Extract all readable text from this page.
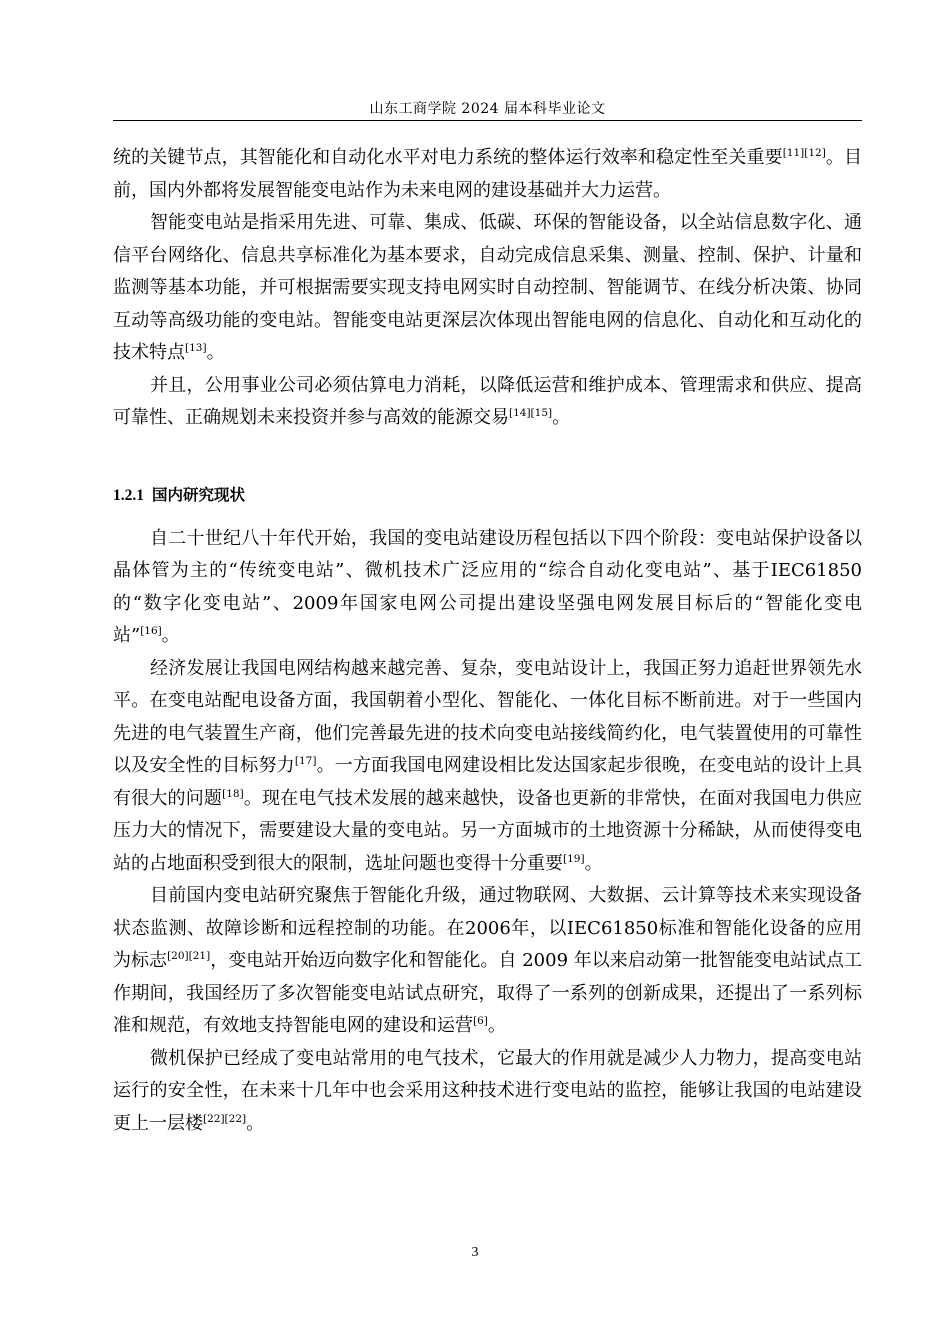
山东工商学院 2024 届本科毕业论文

统的关键节点，其智能化和自动化水平对电力系统的整体运行效率和稳定性至关重要[11][12]。目前，国内外都将发展智能变电站作为未来电网的建设基础并大力运营。

智能变电站是指采用先进、可靠、集成、低碳、环保的智能设备，以全站信息数字化、通信平台网络化、信息共享标准化为基本要求，自动完成信息采集、测量、控制、保护、计量和监测等基本功能，并可根据需要实现支持电网实时自动控制、智能调节、在线分析决策、协同互动等高级功能的变电站。智能变电站更深层次体现出智能电网的信息化、自动化和互动化的技术特点[13]。

并且，公用事业公司必须估算电力消耗，以降低运营和维护成本、管理需求和供应、提高可靠性、正确规划未来投资并参与高效的能源交易[14][15]。

1.2.1 国内研究现状

自二十世纪八十年代开始，我国的变电站建设历程包括以下四个阶段：变电站保护设备以晶体管为主的“传统变电站”、微机技术广泛应用的“综合自动化变电站”、基于IEC61850的“数字化变电站”、2009年国家电网公司提出建设坚强电网发展目标后的“智能化变电站”[16]。

经济发展让我国电网结构越来越完善、复杂，变电站设计上，我国正努力追赶世界领先水平。在变电站配电设备方面，我国朝着小型化、智能化、一体化目标不断前进。对于一些国内先进的电气装置生产商，他们完善最先进的技术向变电站接线简约化，电气装置使用的可靠性以及安全性的目标努力[17]。一方面我国电网建设相比发达国家起步很晚，在变电站的设计上具有很大的问题[18]。现在电气技术发展的越来越快，设备也更新的非常快，在面对我国电力供应压力大的情况下，需要建设大量的变电站。另一方面城市的土地资源十分稀缺，从而使得变电站的占地面积受到很大的限制，选址问题也变得十分重要[19]。

目前国内变电站研究聚焦于智能化升级，通过物联网、大数据、云计算等技术来实现设备状态监测、故障诊断和远程控制的功能。在2006年，以IEC61850标准和智能化设备的应用为标志[20][21]，变电站开始迈向数字化和智能化。自 2009 年以来启动第一批智能变电站试点工作期间，我国经历了多次智能变电站试点研究，取得了一系列的创新成果，还提出了一系列标准和规范，有效地支持智能电网的建设和运营[6]。

微机保护已经成了变电站常用的电气技术，它最大的作用就是减少人力物力，提高变电站运行的安全性，在未来十几年中也会采用这种技术进行变电站的监控，能够让我国的电站建设更上一层楼[22][22]。

3
